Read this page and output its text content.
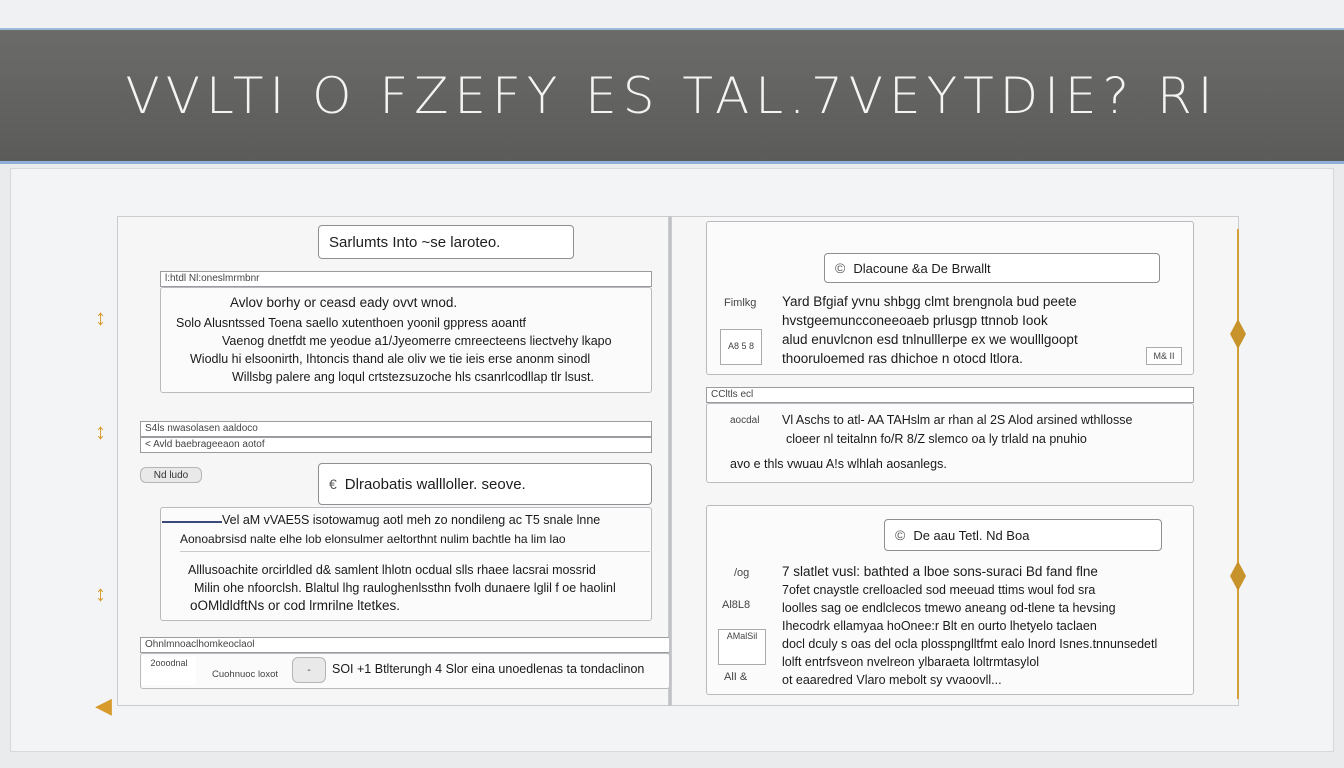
VVLTI O FZEFY ES TAL.7VEYTDIE? RI
Sarlumts Into ~se laroteo.
l:htdl Nl:oneslmrmbnr
Avlov borhy or ceasd eady ovvt wnod.
Solo Alusntssed Toena saello xutenthoen yoonil gppress aoantf
Vaenog dnetfdt me yeodue a1/Jyeomerre cmreecteens liectvehy lkapo
Wiodlu hi elsoonirth, Ihtoncis thand ale oliv we tie ieis erse anonm sinodl
Willsbg palere ang loqul crtstezsuzoche hls csanrlcodllap tlr lsust.
S4ls nwasolasen aaldoco
< Avld baebrageeaon aotof
Nd ludo
€ Dlraobatis wallloller. seove.
Vel aM vVAE5S isotowamug aotl meh zo nondileng ac T5 snale lnne
Aonoabrsisd nalte elhe lob elonsulmer aeltorthnt nulim bachtle ha lim lao
Alllusoachite orcirldled d& samlent lhlotn ocdual slls rhaee lacsrai mossrid
Milin ohe nfoorclsh. Blaltul lhg rauloghenlssthn fvolh dunaere lglil f oe haolinl
oOMldldftNs or cod lrmrilne ltetkes.
Ohnlmnoaclhomkeoclaol
2ooodnal
Cuohnuoc loxot	-	SOI +1 Btlterungh 4 Slor eina unoedlenas ta tondaclinon
© Dlacoune &a De Brwallt
Fimlkg
A8 5 8
Yard Bfgiaf yvnu shbgg clmt brengnola bud peete
hvstgeemuncconeeoaeb prlusgp ttnnob Iook
alud enuvlcnon esd tnlnulllerpe ex we woulllgoopt
thooruloemed ras dhichoe n otocd ltlora.	M& II
CCltls ecl
aocdal	Vl Aschs to atl- AA TAHslm ar rhan al 2S Alod arsined wthllosse
cloeer nl teitalnn fo/R 8/Z slemco oa ly trlald na pnuhio
avo e thls vwuau A!s wlhlah aosanlegs.
© De aau Tetl. Nd Boa
/og
Al8L8
AMalSil
AlI &
7 slatlet vusl: bathted a lboe sons-suraci Bd fand flne
7ofet cnaystle crelloacled sod meeuad ttims woul fod sra
loolles sag oe endlclecos tmewo aneang od-tlene ta hevsing
Ihecodrk ellamyaa hoOnee:r Blt en ourto lhetyelo taclaen
docl dculy s oas del ocla plosspnglltfmt ealo lnord Isnes.tnnunsedetl
lolft entrfsveon nvelreon ylbaraeta loltrmtasylol
ot eaaredred Vlaro mebolt sy vvaoovll...
↕
↕
↕
◀
